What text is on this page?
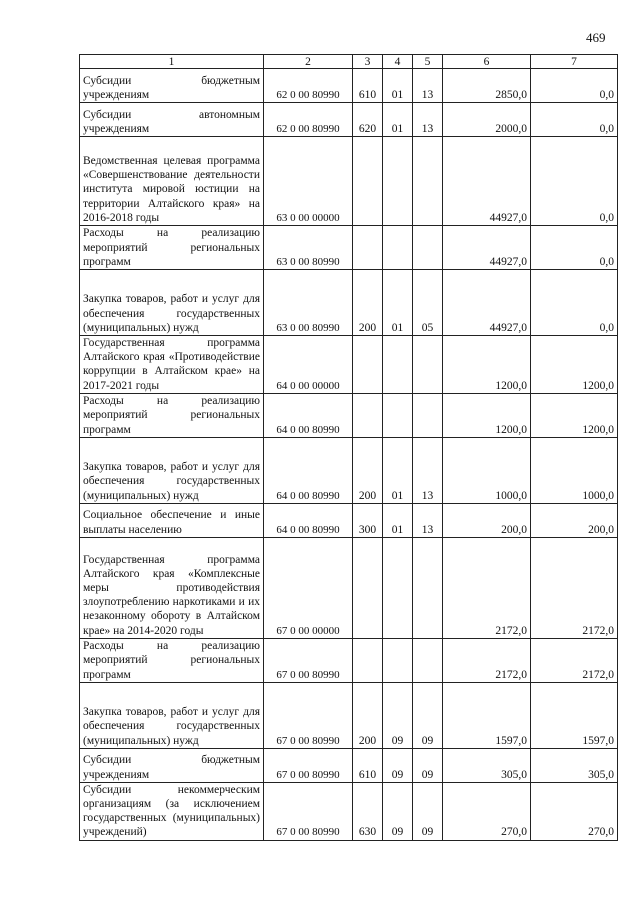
469
1	2	3	4	5	6	7
Субсидии бюджетным учреждениям	62 0 00 80990	610	01	13	2850,0	0,0
Субсидии автономным учреждениям	62 0 00 80990	620	01	13	2000,0	0,0
Ведомственная целевая программа «Совершенствование деятельности института мировой юстиции на территории Алтайского края» на 2016-2018 годы	63 0 00 00000				44927,0	0,0
Расходы на реализацию мероприятий региональных программ	63 0 00 80990				44927,0	0,0
Закупка товаров, работ и услуг для обеспечения государственных (муниципальных) нужд	63 0 00 80990	200	01	05	44927,0	0,0
Государственная программа Алтайского края «Противодействие коррупции в Алтайском крае» на 2017-2021 годы	64 0 00 00000				1200,0	1200,0
Расходы на реализацию мероприятий региональных программ	64 0 00 80990				1200,0	1200,0
Закупка товаров, работ и услуг для обеспечения государственных (муниципальных) нужд	64 0 00 80990	200	01	13	1000,0	1000,0
Социальное обеспечение и иные выплаты населению	64 0 00 80990	300	01	13	200,0	200,0
Государственная программа Алтайского края «Комплексные меры противодействия злоупотреблению наркотиками и их незаконному обороту в Алтайском крае» на 2014-2020 годы	67 0 00 00000				2172,0	2172,0
Расходы на реализацию мероприятий региональных программ	67 0 00 80990				2172,0	2172,0
Закупка товаров, работ и услуг для обеспечения государственных (муниципальных) нужд	67 0 00 80990	200	09	09	1597,0	1597,0
Субсидии бюджетным учреждениям	67 0 00 80990	610	09	09	305,0	305,0
Субсидии некоммерческим организациям (за исключением государственных (муниципальных) учреждений)	67 0 00 80990	630	09	09	270,0	270,0
